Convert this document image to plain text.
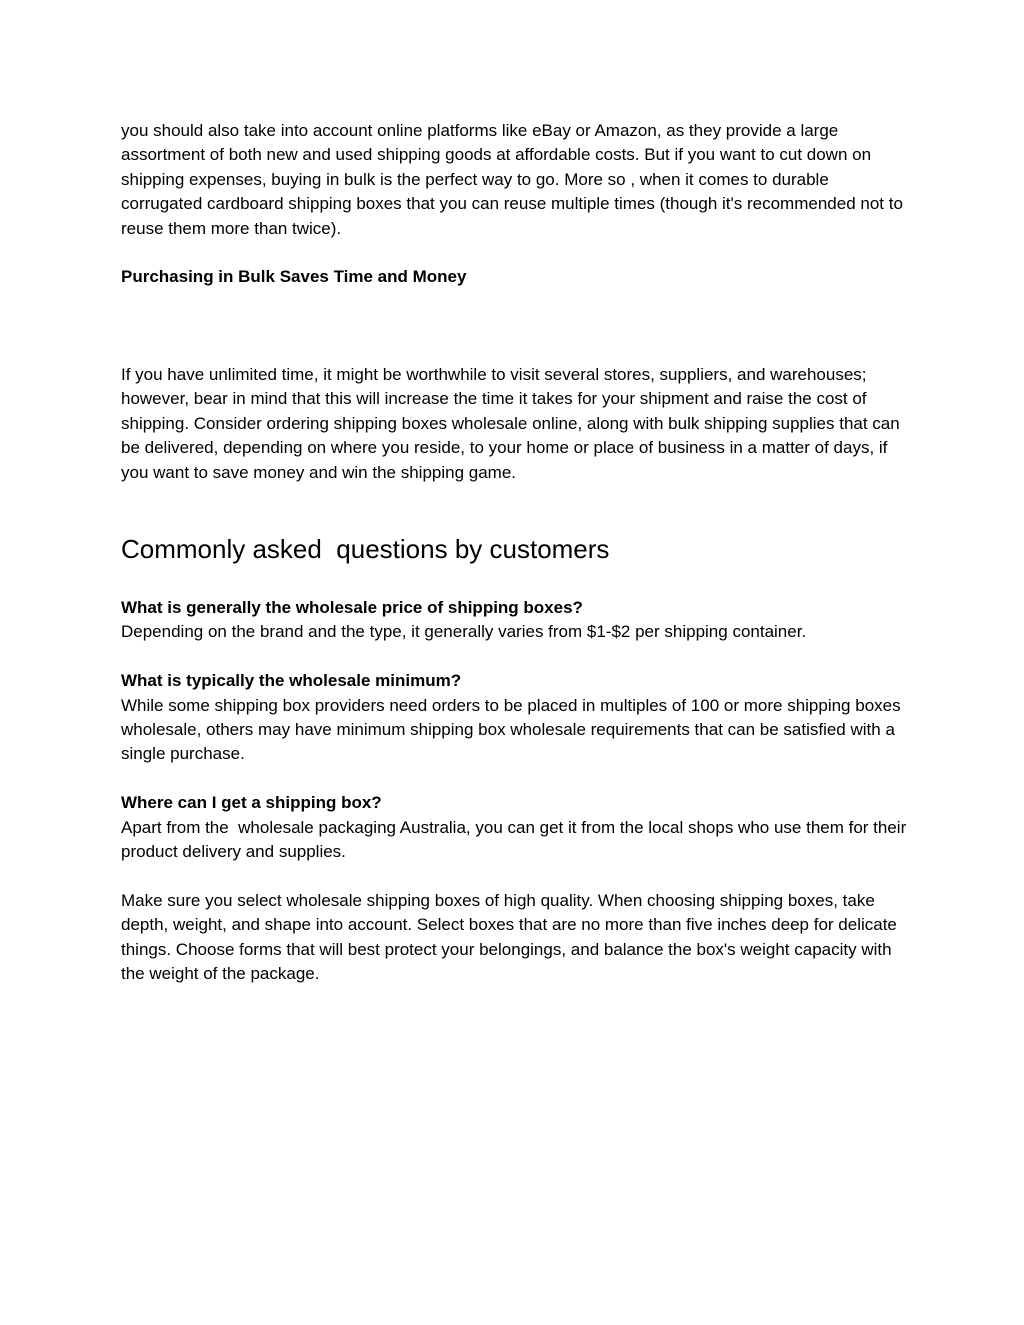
you should also take into account online platforms like eBay or Amazon, as they provide a large assortment of both new and used shipping goods at affordable costs. But if you want to cut down on shipping expenses, buying in bulk is the perfect way to go. More so , when it comes to durable corrugated cardboard shipping boxes that you can reuse multiple times (though it's recommended not to reuse them more than twice).

Purchasing in Bulk Saves Time and Money

If you have unlimited time, it might be worthwhile to visit several stores, suppliers, and warehouses; however, bear in mind that this will increase the time it takes for your shipment and raise the cost of shipping. Consider ordering shipping boxes wholesale online, along with bulk shipping supplies that can be delivered, depending on where you reside, to your home or place of business in a matter of days, if you want to save money and win the shipping game.

Commonly asked  questions by customers

What is generally the wholesale price of shipping boxes?

Depending on the brand and the type, it generally varies from $1-$2 per shipping container.

What is typically the wholesale minimum?

While some shipping box providers need orders to be placed in multiples of 100 or more shipping boxes wholesale, others may have minimum shipping box wholesale requirements that can be satisfied with a single purchase.

Where can I get a shipping box?

Apart from the  wholesale packaging Australia, you can get it from the local shops who use them for their product delivery and supplies.

Make sure you select wholesale shipping boxes of high quality. When choosing shipping boxes, take depth, weight, and shape into account. Select boxes that are no more than five inches deep for delicate things. Choose forms that will best protect your belongings, and balance the box's weight capacity with the weight of the package.
